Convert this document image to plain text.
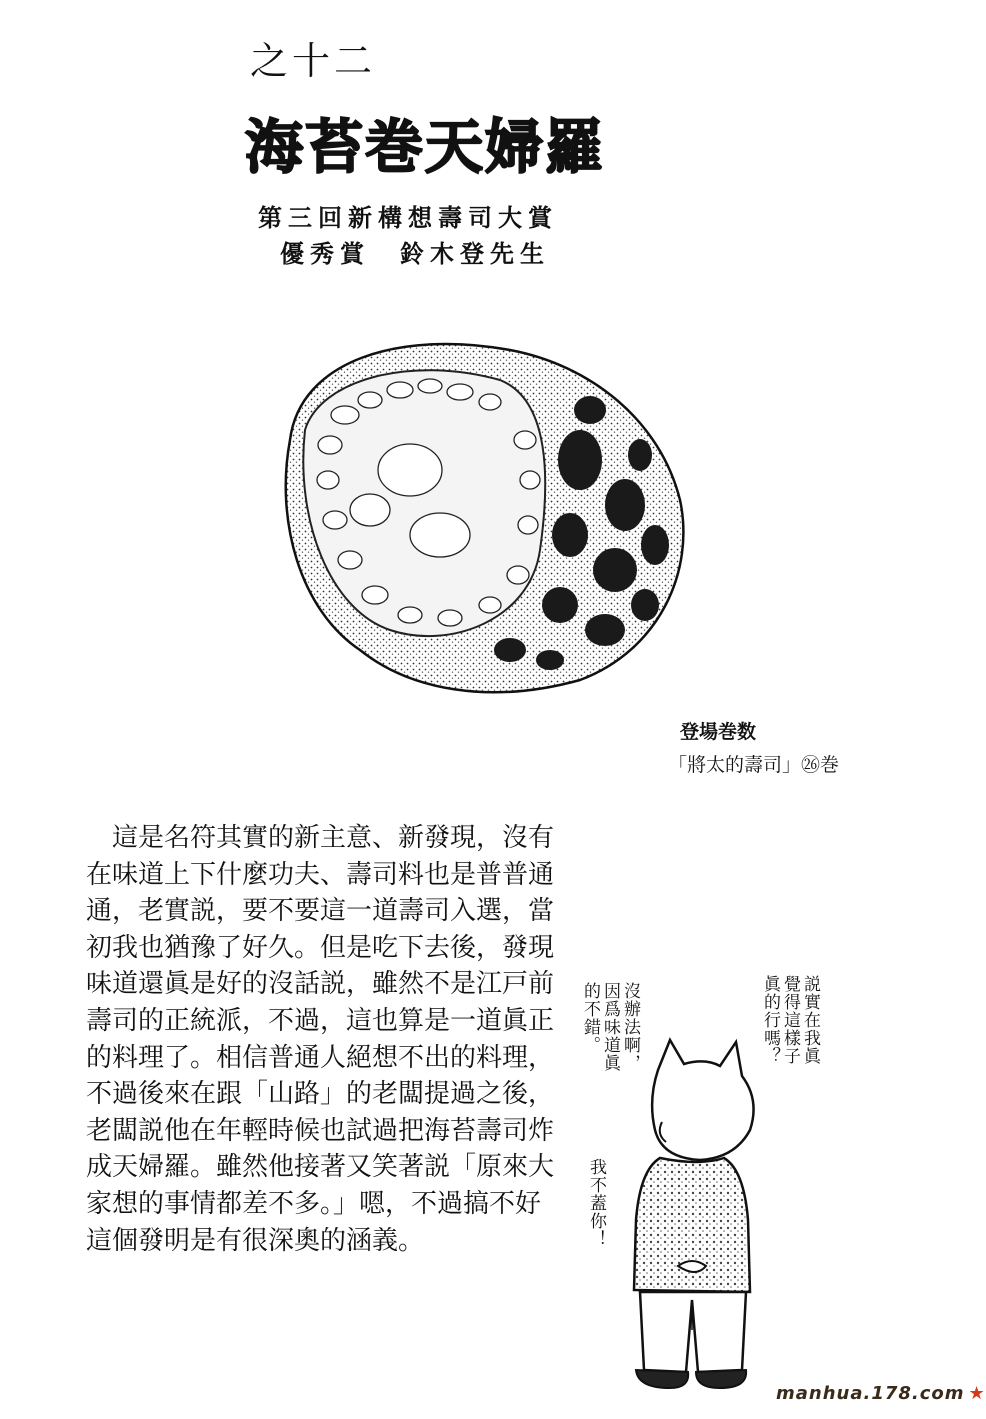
之十二
海苔巻天婦羅
第三回新構想壽司大賞
優秀賞　鈴木登先生
登場巻数
「將太的壽司」㉖巻

這是名符其實的新主意、新發現，沒有在味道上下什麼功夫、壽司料也是普普通通，老實説，要不要這一道壽司入選，當初我也猶豫了好久。但是吃下去後，發現味道還眞是好的沒話説，雖然不是江戸前壽司的正統派，不過，這也算是一道眞正的料理了。相信普通人絕想不出的料理，不過後來在跟「山路」的老闆提過之後，老闆説他在年輕時候也試過把海苔壽司炸成天婦羅。雖然他接著又笑著説「原來大家想的事情都差不多。」嗯，不過搞不好這個發明是有很深奧的涵義。

沒辦法啊，
因爲味道眞
的不錯。	説實在我眞
覺得這樣子
眞的行嗎？
我不蓋你！
manhua.178.com ★
